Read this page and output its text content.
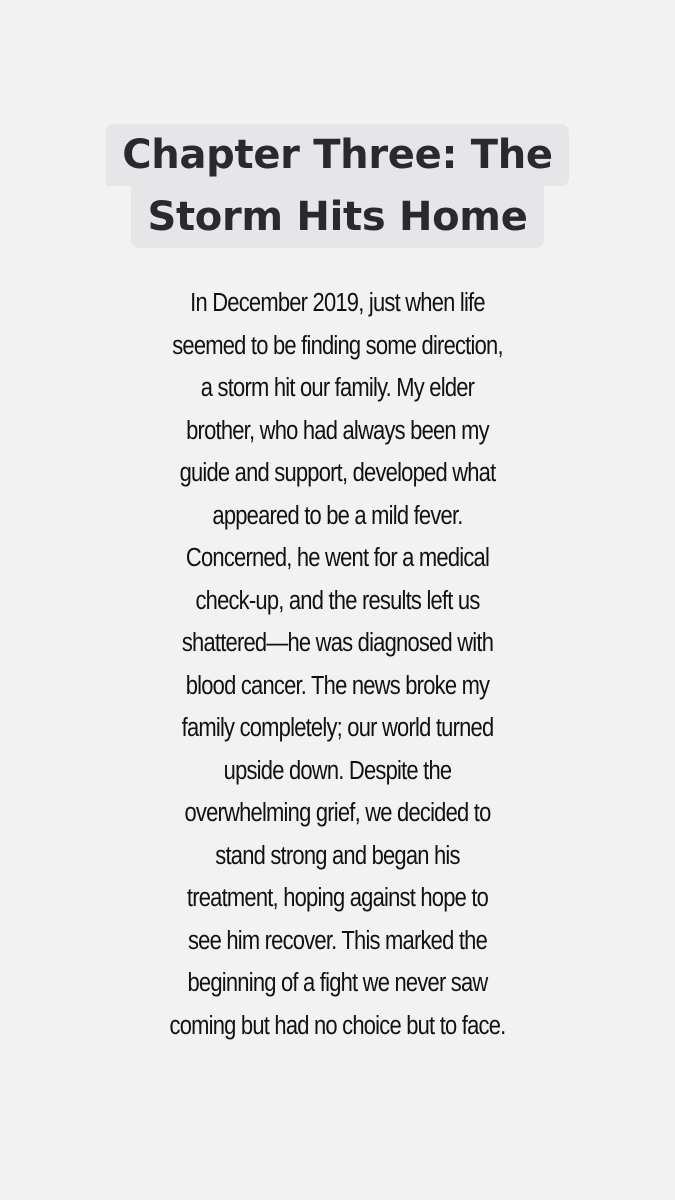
Chapter Three: The
Storm Hits Home
In December 2019, just when life
seemed to be finding some direction,
a storm hit our family. My elder
brother, who had always been my
guide and support, developed what
appeared to be a mild fever.
Concerned, he went for a medical
check-up, and the results left us
shattered—he was diagnosed with
blood cancer. The news broke my
family completely; our world turned
upside down. Despite the
overwhelming grief, we decided to
stand strong and began his
treatment, hoping against hope to
see him recover. This marked the
beginning of a fight we never saw
coming but had no choice but to face.
